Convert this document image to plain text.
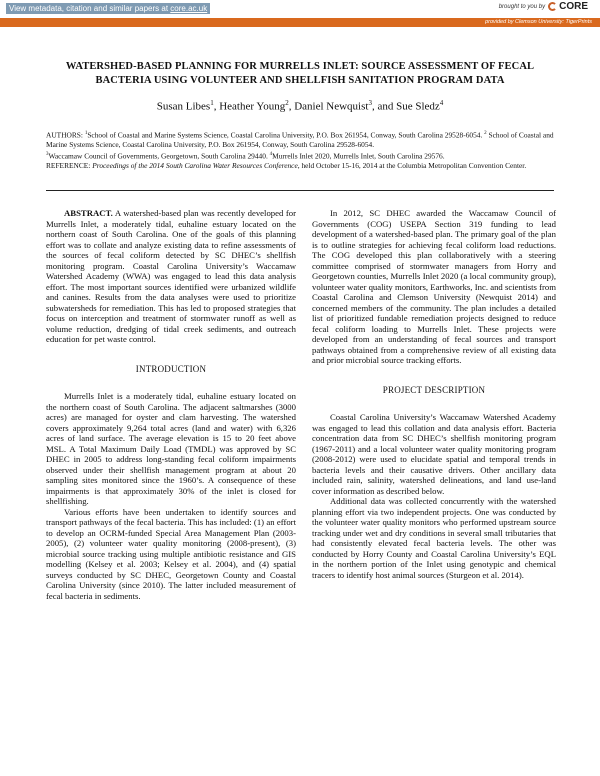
View metadata, citation and similar papers at core.ac.uk	brought to you by CORE
provided by Clemson University: TigerPrints
WATERSHED-BASED PLANNING FOR MURRELLS INLET: SOURCE ASSESSMENT OF FECAL BACTERIA USING VOLUNTEER AND SHELLFISH SANITATION PROGRAM DATA
Susan Libes$^1$, Heather Young$^2$, Daniel Newquist$^3$, and Sue Sledz$^4$
AUTHORS: $^1$School of Coastal and Marine Systems Science, Coastal Carolina University, P.O. Box 261954, Conway, South Carolina 29528-6054. $^2$ School of Coastal and Marine Systems Science, Coastal Carolina University, P.O. Box 261954, Conway, South Carolina 29528-6054.
$^3$Waccamaw Council of Governments, Georgetown, South Carolina 29440. $^4$Murrells Inlet 2020, Murrells Inlet, South Carolina 29576.
REFERENCE: Proceedings of the 2014 South Carolina Water Resources Conference, held October 15-16, 2014 at the Columbia Metropolitan Convention Center.

ABSTRACT. A watershed-based plan was recently developed for Murrells Inlet, a moderately tidal, euhaline estuary located on the northern coast of South Carolina. One of the goals of this planning effort was to collate and analyze existing data to refine assessments of the sources of fecal coliform detected by SC DHEC’s shellfish monitoring program. Coastal Carolina University’s Waccamaw Watershed Academy (WWA) was engaged to lead this data analysis effort. The most important sources identified were urbanized wildlife and canines. Results from the data analyses were used to prioritize subwatersheds for remediation. This has led to proposed strategies that focus on interception and treatment of stormwater runoff as well as volume reduction, dredging of tidal creek sediments, and outreach education for pet waste control.

INTRODUCTION

Murrells Inlet is a moderately tidal, euhaline estuary located on the northern coast of South Carolina. The adjacent saltmarshes (3000 acres) are managed for oyster and clam harvesting. The watershed covers approximately 9,264 total acres (land and water) with 6,326 acres of land surface. The average elevation is 15 to 20 feet above MSL. A Total Maximum Daily Load (TMDL) was approved by SC DHEC in 2005 to address long-standing fecal coliform impairments observed under their shellfish management program at about 20 sampling sites monitored since the 1960’s. A consequence of these impairments is that approximately 30% of the inlet is closed for shellfishing.

Various efforts have been undertaken to identify sources and transport pathways of the fecal bacteria. This has included: (1) an effort to develop an OCRM-funded Special Area Management Plan (2003-2005), (2) volunteer water quality monitoring (2008-present), (3) microbial source tracking using multiple antibiotic resistance and GIS modelling (Kelsey et al. 2003; Kelsey et al. 2004), and (4) spatial surveys conducted by SC DHEC, Georgetown County and Coastal Carolina University (since 2010). The latter included measurement of fecal bacteria in sediments.

In 2012, SC DHEC awarded the Waccamaw Council of Governments (COG) USEPA Section 319 funding to lead development of a watershed-based plan. The primary goal of the plan is to outline strategies for achieving fecal coliform load reductions. The COG developed this plan collaboratively with a steering committee comprised of stormwater managers from Horry and Georgetown counties, Murrells Inlet 2020 (a local community group), volunteer water quality monitors, Earthworks, Inc. and scientists from Coastal Carolina and Clemson University (Newquist 2014) and concerned members of the community. The plan includes a detailed list of prioritized fundable remediation projects designed to reduce fecal coliform loading to Murrells Inlet. These projects were developed from an understanding of fecal sources and transport pathways obtained from a comprehensive review of all existing data and prior microbial source tracking efforts.

PROJECT DESCRIPTION

Coastal Carolina University’s Waccamaw Watershed Academy was engaged to lead this collation and data analysis effort. Bacteria concentration data from SC DHEC’s shellfish monitoring program (1967-2011) and a local volunteer water quality monitoring program (2008-2012) were used to elucidate spatial and temporal trends in bacteria levels and their causative drivers. Other ancillary data included rain, salinity, watershed delineations, and land use-land cover information as described below.

Additional data was collected concurrently with the watershed planning effort via two independent projects. One was conducted by the volunteer water quality monitors who performed upstream source tracking under wet and dry conditions in several small tributaries that had consistently elevated fecal bacteria levels. The other was conducted by Horry County and Coastal Carolina University’s EQL in the northern portion of the Inlet using genotypic and chemical tracers to identify host animal sources (Sturgeon et al. 2014).
